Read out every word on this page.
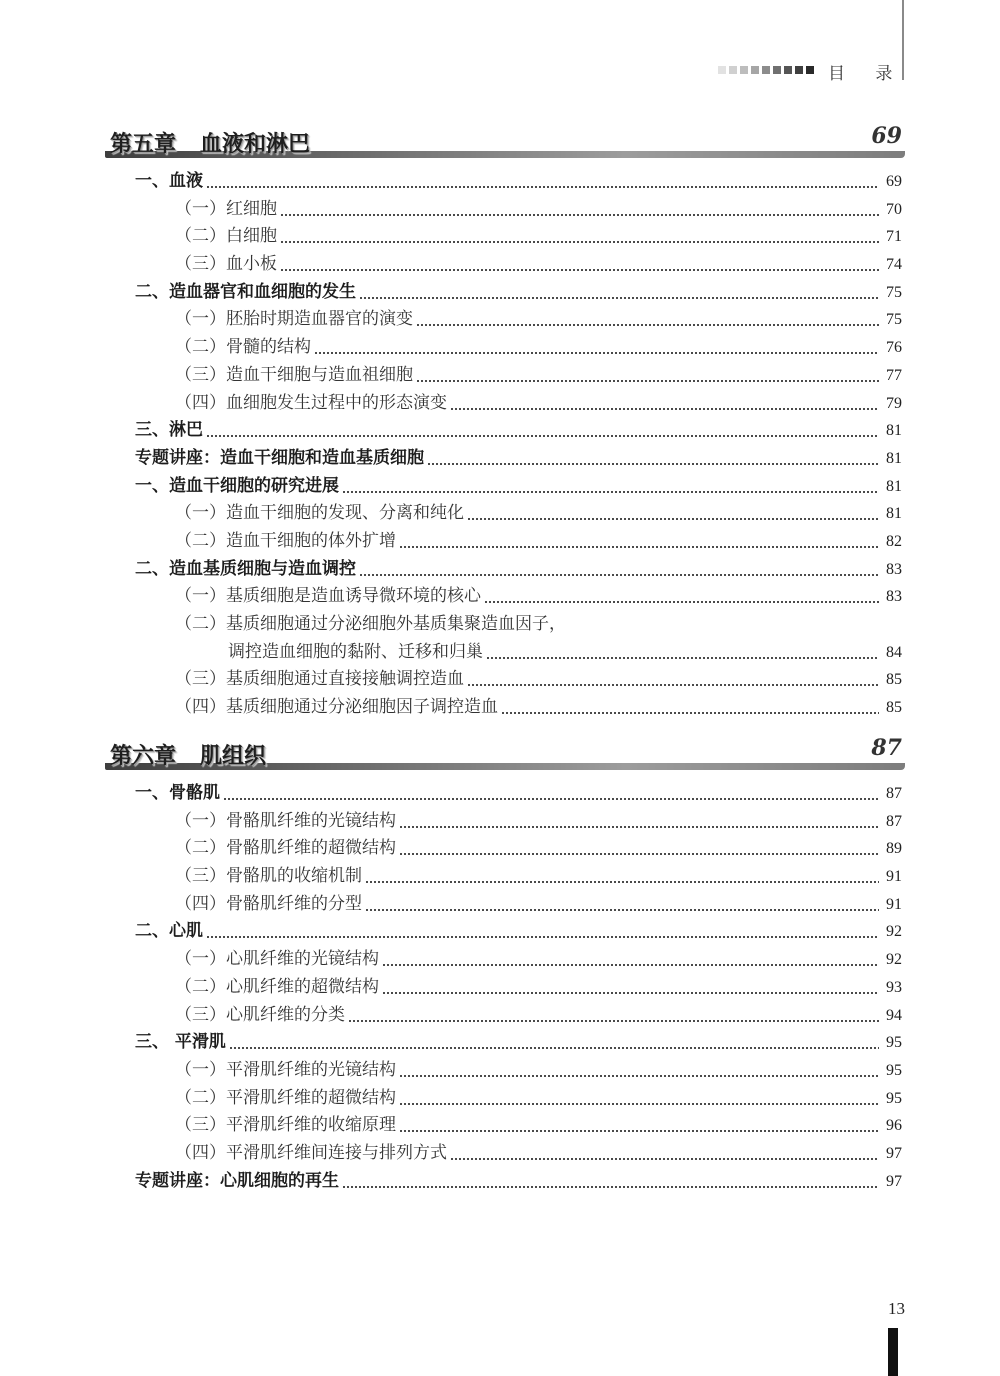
目 录
第五章 血液和淋巴	69
一、血液	69
（一）红细胞	70
（二）白细胞	71
（三）血小板	74
二、造血器官和血细胞的发生	75
（一）胚胎时期造血器官的演变	75
（二）骨髓的结构	76
（三）造血干细胞与造血祖细胞	77
（四）血细胞发生过程中的形态演变	79
三、淋巴	81
专题讲座：造血干细胞和造血基质细胞	81
一、造血干细胞的研究进展	81
（一）造血干细胞的发现、分离和纯化	81
（二）造血干细胞的体外扩增	82
二、造血基质细胞与造血调控	83
（一）基质细胞是造血诱导微环境的核心	83
（二）基质细胞通过分泌细胞外基质集聚造血因子，
调控造血细胞的黏附、迁移和归巢	84
（三）基质细胞通过直接接触调控造血	85
（四）基质细胞通过分泌细胞因子调控造血	85
第六章 肌组织	87
一、骨骼肌	87
（一）骨骼肌纤维的光镜结构	87
（二）骨骼肌纤维的超微结构	89
（三）骨骼肌的收缩机制	91
（四）骨骼肌纤维的分型	91
二、心肌	92
（一）心肌纤维的光镜结构	92
（二）心肌纤维的超微结构	93
（三）心肌纤维的分类	94
三、 平滑肌	95
（一）平滑肌纤维的光镜结构	95
（二）平滑肌纤维的超微结构	95
（三）平滑肌纤维的收缩原理	96
（四）平滑肌纤维间连接与排列方式	97
专题讲座：心肌细胞的再生	97
13
